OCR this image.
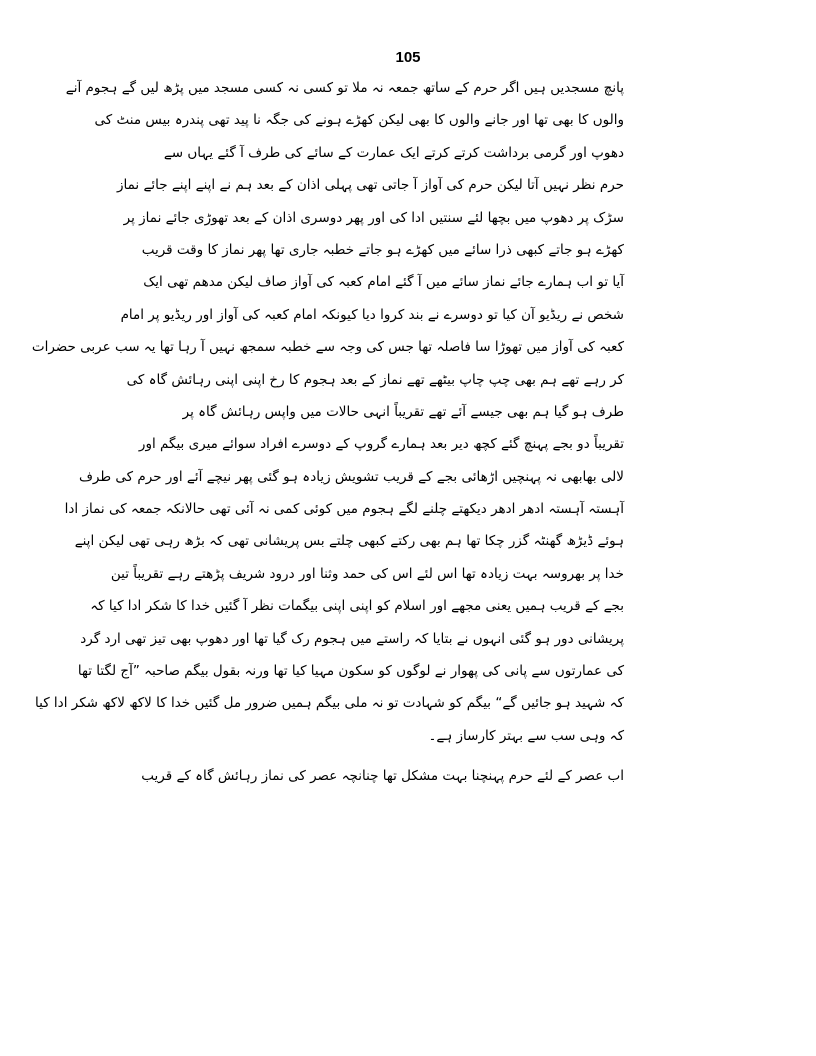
105
پانچ مسجدیں ہیں اگر حرم کے ساتھ جمعہ نہ ملا تو کسی نہ کسی مسجد میں پڑھ لیں گے ہجوم آنے
والوں کا بھی تھا اور جانے والوں کا بھی لیکن کھڑے ہونے کی جگہ نا پید تھی پندرہ بیس منٹ کی
دھوپ اور گرمی برداشت کرتے کرتے ایک عمارت کے سائے کی طرف آ گئے یہاں سے
حرم نظر نہیں آتا لیکن حرم کی آواز آ جاتی تھی پہلی اذان کے بعد ہم نے اپنے اپنے جائے نماز
سڑک پر دھوپ میں بچھا لئے سنتیں ادا کی اور پھر دوسری اذان کے بعد تھوڑی جائے نماز پر
کھڑے ہو جاتے کبھی ذرا سائے میں کھڑے ہو جاتے خطبہ جاری تھا پھر نماز کا وقت قریب
آیا تو اب ہمارے جائے نماز سائے میں آ گئے امام کعبہ کی آواز صاف لیکن مدھم تھی ایک
شخص نے ریڈیو آن کیا تو دوسرے نے بند کروا دیا کیونکہ امام کعبہ کی آواز اور ریڈیو پر امام
کعبہ کی آواز میں تھوڑا سا فاصلہ تھا جس کی وجہ سے خطبہ سمجھ نہیں آ رہا تھا یہ سب عربی حضرات
کر رہے تھے ہم بھی چپ چاپ بیٹھے تھے نماز کے بعد ہجوم کا رخ اپنی اپنی رہائش گاہ کی
طرف ہو گیا ہم بھی جیسے آئے تھے تقریباً انہی حالات میں واپس رہائش گاہ پر
تقریباً دو بجے پہنچ گئے کچھ دیر بعد ہمارے گروپ کے دوسرے افراد سوائے میری بیگم اور
لالی بھابھی نہ پہنچیں اڑھائی بجے کے قریب تشویش زیادہ ہو گئی پھر نیچے آئے اور حرم کی طرف
آہستہ آہستہ ادھر ادھر دیکھتے چلنے لگے ہجوم میں کوئی کمی نہ آئی تھی حالانکہ جمعہ کی نماز ادا
ہوئے ڈیڑھ گھنٹہ گزر چکا تھا ہم بھی رکتے کبھی چلتے بس پریشانی تھی کہ بڑھ رہی تھی لیکن اپنے
خدا پر بھروسہ بہت زیادہ تھا اس لئے اس کی حمد وثنا اور درود شریف پڑھتے رہے تقریباً تین
بجے کے قریب ہمیں یعنی مجھے اور اسلام کو اپنی اپنی بیگمات نظر آ گئیں خدا کا شکر ادا کیا کہ
پریشانی دور ہو گئی انہوں نے بتایا کہ راستے میں ہجوم رک گیا تھا اور دھوپ بھی تیز تھی ارد گرد
کی عمارتوں سے پانی کی پھوار نے لوگوں کو سکون مہیا کیا تھا ورنہ بقول بیگم صاحبہ ”آج لگتا تھا
کہ شہید ہو جائیں گے“ بیگم کو شہادت تو نہ ملی بیگم ہمیں ضرور مل گئیں خدا کا لاکھ لاکھ شکر ادا کیا
کہ وہی سب سے بہتر کارساز ہے۔
اب عصر کے لئے حرم پہنچنا بہت مشکل تھا چنانچہ عصر کی نماز رہائش گاہ کے قریب
